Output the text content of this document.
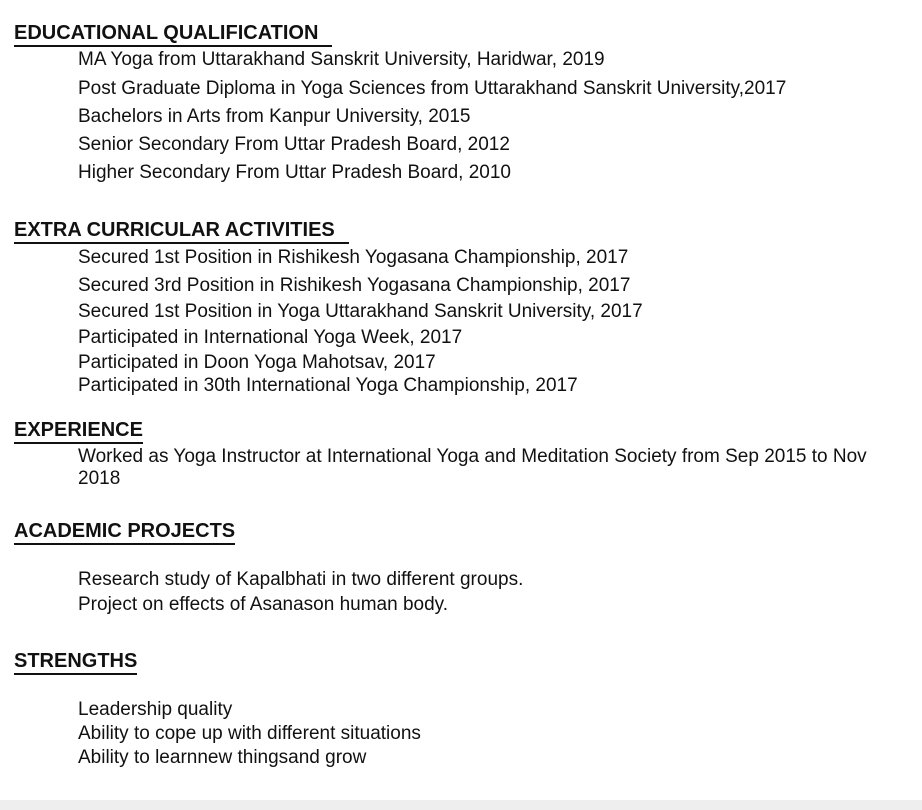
EDUCATIONAL QUALIFICATION
MA Yoga from Uttarakhand Sanskrit University, Haridwar, 2019
Post Graduate Diploma in Yoga Sciences from Uttarakhand Sanskrit University,2017
Bachelors in Arts from Kanpur University, 2015
Senior Secondary From Uttar Pradesh Board, 2012
Higher Secondary From Uttar Pradesh Board, 2010
EXTRA CURRICULAR ACTIVITIES
Secured 1st Position in Rishikesh Yogasana Championship, 2017
Secured 3rd Position in Rishikesh Yogasana Championship, 2017
Secured 1st Position in Yoga Uttarakhand Sanskrit University, 2017
Participated in International Yoga Week, 2017
Participated in Doon Yoga Mahotsav, 2017
Participated in 30th International Yoga Championship, 2017
EXPERIENCE
Worked as Yoga Instructor at International Yoga and Meditation Society from Sep 2015 to Nov 2018
ACADEMIC PROJECTS
Research study of Kapalbhati in two different groups.
Project on effects of Asanason human body.
STRENGTHS
Leadership quality
Ability to cope up with different situations
Ability to learnnew thingsand grow
